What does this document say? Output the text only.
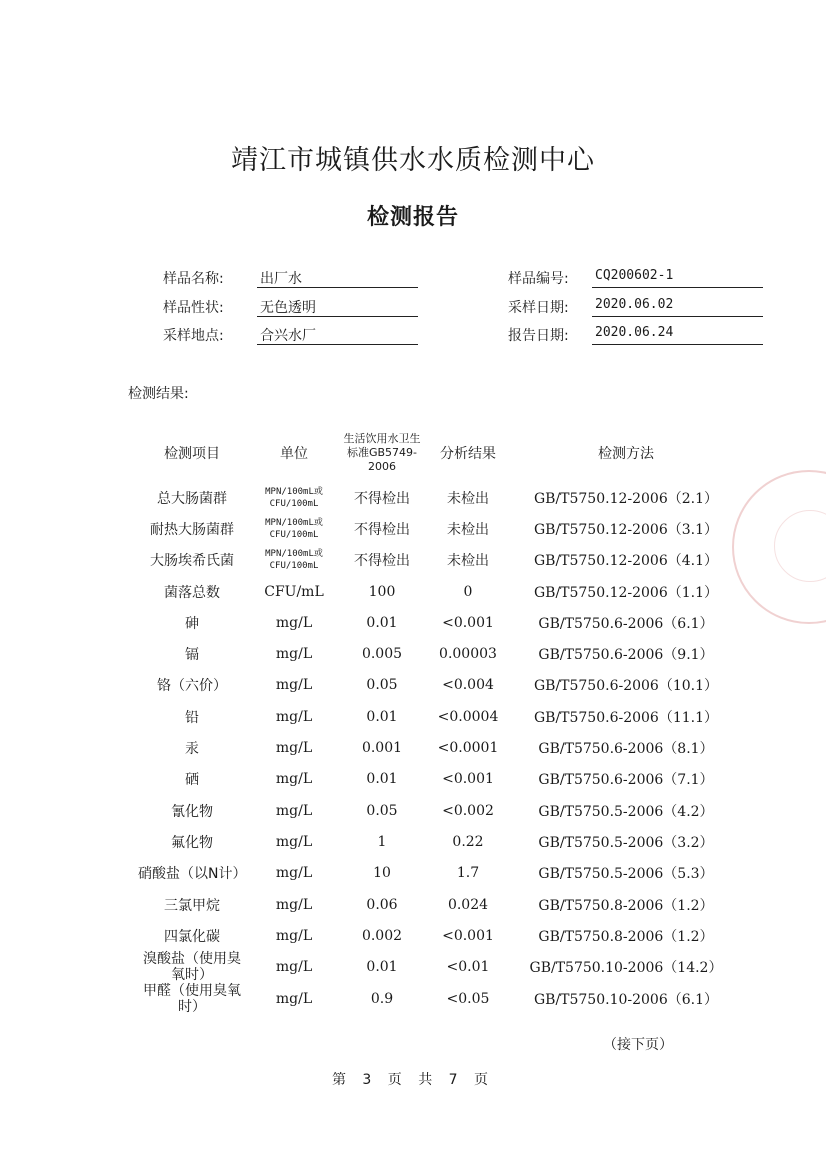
靖江市城镇供水水质检测中心
检测报告
样品名称:	出厂水
样品性状:	无色透明
采样地点:	合兴水厂
样品编号: CQ200602-1
采样日期: 2020.06.02
报告日期: 2020.06.24
检测结果:
检测项目	单位	生活饮用水卫生标准GB5749-2006	分析结果	检测方法
总大肠菌群	MPN/100mL或CFU/100mL	不得检出	未检出	GB/T5750.12-2006（2.1）
耐热大肠菌群	MPN/100mL或CFU/100mL	不得检出	未检出	GB/T5750.12-2006（3.1）
大肠埃希氏菌	MPN/100mL或CFU/100mL	不得检出	未检出	GB/T5750.12-2006（4.1）
菌落总数	CFU/mL	100	0	GB/T5750.12-2006（1.1）
砷	mg/L	0.01	<0.001	GB/T5750.6-2006（6.1）
镉	mg/L	0.005	0.00003	GB/T5750.6-2006（9.1）
铬（六价）	mg/L	0.05	<0.004	GB/T5750.6-2006（10.1）
铅	mg/L	0.01	<0.0004	GB/T5750.6-2006（11.1）
汞	mg/L	0.001	<0.0001	GB/T5750.6-2006（8.1）
硒	mg/L	0.01	<0.001	GB/T5750.6-2006（7.1）
氰化物	mg/L	0.05	<0.002	GB/T5750.5-2006（4.2）
氟化物	mg/L	1	0.22	GB/T5750.5-2006（3.2）
硝酸盐（以N计）	mg/L	10	1.7	GB/T5750.5-2006（5.3）
三氯甲烷	mg/L	0.06	0.024	GB/T5750.8-2006（1.2）
四氯化碳	mg/L	0.002	<0.001	GB/T5750.8-2006（1.2）
溴酸盐（使用臭氧时）	mg/L	0.01	<0.01	GB/T5750.10-2006（14.2）
甲醛（使用臭氧时）	mg/L	0.9	<0.05	GB/T5750.10-2006（6.1）
（接下页）
第 3 页 共 7 页
